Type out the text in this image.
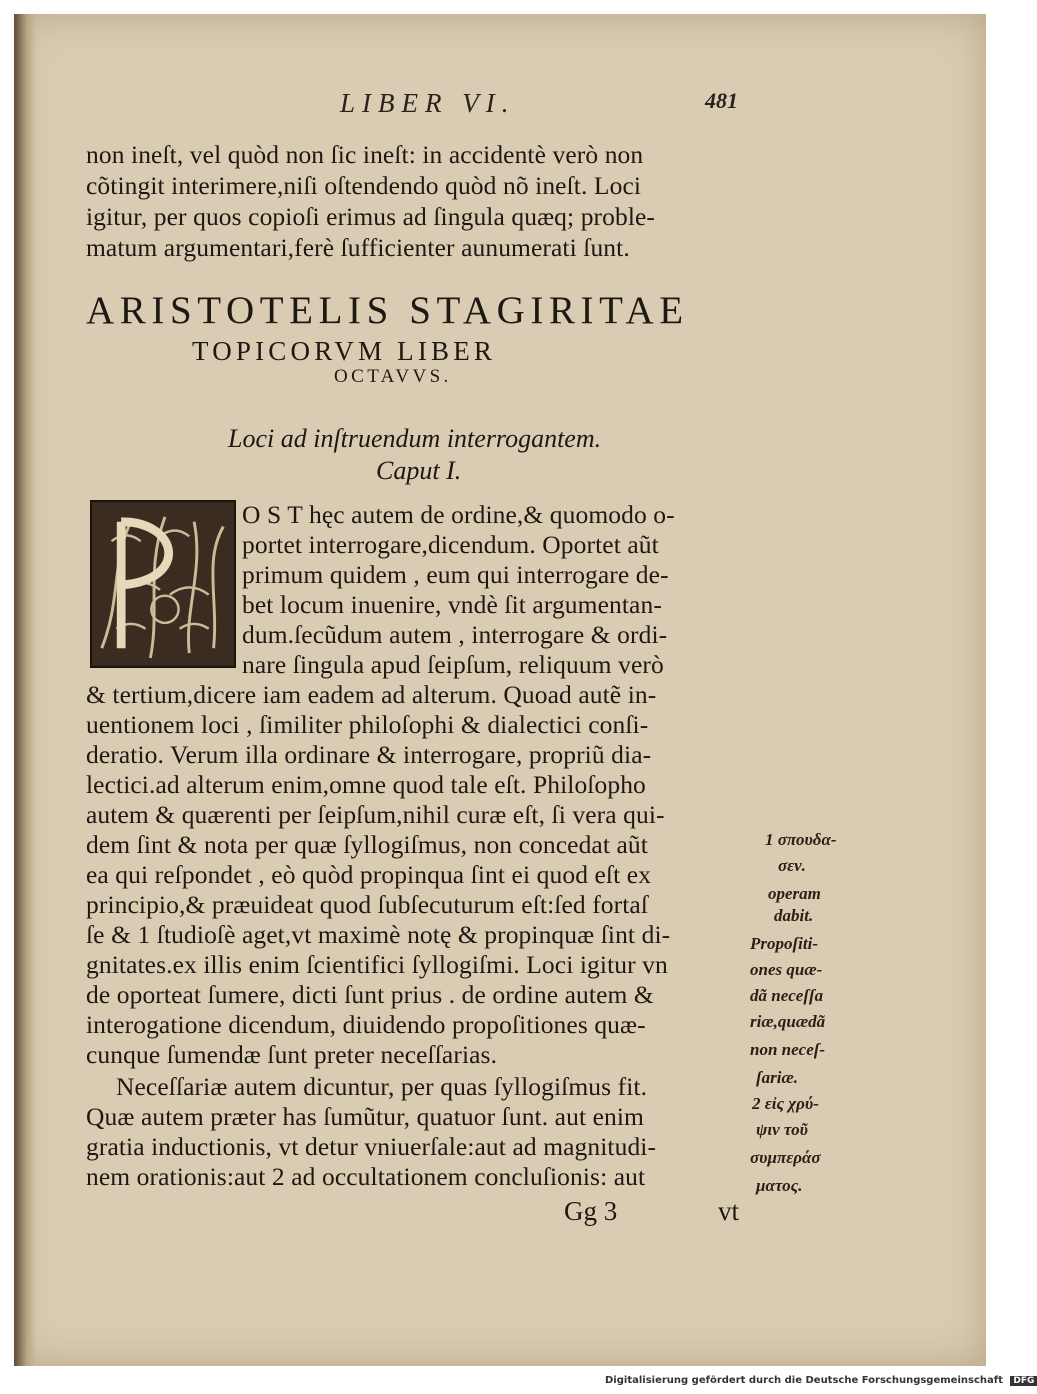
LIBER VI.	481
non ineſt, vel quòd non ſic ineſt: in accidentè verò non
cõtingit interimere,niſi oſtendendo quòd nõ ineſt. Loci
igitur, per quos copioſi erimus ad ſingula quæq; proble-
matum argumentari,ferè ſufficienter aunumerati ſunt.
ARISTOTELIS STAGIRITAE
TOPICORVM LIBER
OCTAVVS.
Loci ad inſtruendum interrogantem.
Caput I.
O S T hęc autem de ordine,& quomodo o-
portet interrogare,dicendum. Oportet aũt
primum quidem , eum qui interrogare de-
bet locum inuenire, vndè ſit argumentan-
dum.ſecũdum autem , interrogare & ordi-
nare ſingula apud ſeipſum, reliquum verò
& tertium,dicere iam eadem ad alterum. Quoad autẽ in-
uentionem loci , ſimiliter philoſophi & dialectici conſi-
deratio. Verum illa ordinare & interrogare, propriũ dia-
lectici.ad alterum enim,omne quod tale eſt. Philoſopho
autem & quærenti per ſeipſum,nihil curæ eſt, ſi vera qui-
dem ſint & nota per quæ ſyllogiſmus, non concedat aũt
ea qui reſpondet , eò quòd propinqua ſint ei quod eſt ex
principio,& præuideat quod ſubſecuturum eſt:ſed fortaſ
ſe & 1 ſtudioſè aget,vt maximè notę & propinquæ ſint di-
gnitates.ex illis enim ſcientifici ſyllogiſmi. Loci igitur vn
de oporteat ſumere, dicti ſunt prius . de ordine autem &
interogatione dicendum, diuidendo propoſitiones quæ-
cunque ſumendæ ſunt preter neceſſarias.
Neceſſariæ autem dicuntur, per quas ſyllogiſmus fit.
Quæ autem præter has ſumũtur, quatuor ſunt. aut enim
gratia inductionis, vt detur vniuerſale:aut ad magnitudi-
nem orationis:aut 2 ad occultationem concluſionis: aut
Gg 3	vt
1 σπουδα-
σεν.
operam
dabit.
Propoſiti-
ones quæ-
dã neceſſa
riæ,quædã
non neceſ-
ſariæ.
2 εἰς χρύ-
ψιν τοῦ
συμπεράσ
ματος.
Digitalisierung gefördert durch die Deutsche Forschungsgemeinschaft DFG
